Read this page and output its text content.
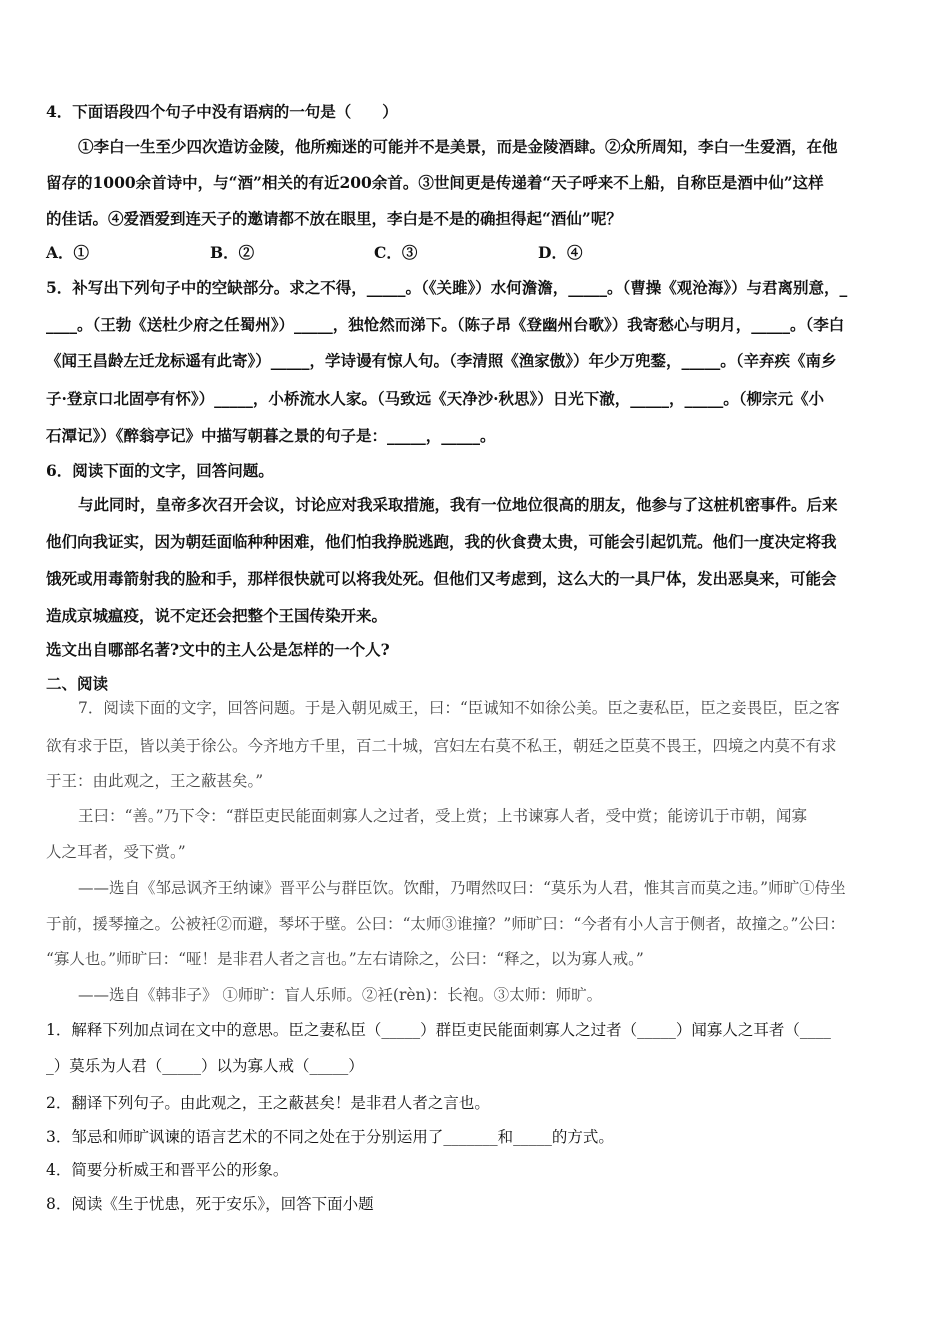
4．下面语段四个句子中没有语病的一句是（　　）
①李白一生至少四次造访金陵，他所痴迷的可能并不是美景，而是金陵酒肆。②众所周知，李白一生爱酒，在他
留存的1000余首诗中，与“酒”相关的有近200余首。③世间更是传递着“天子呼来不上船，自称臣是酒中仙”这样
的佳话。④爱酒爱到连天子的邀请都不放在眼里，李白是不是的确担得起“酒仙”呢？
A．①	B．②	C．③	D．④
5．补写出下列句子中的空缺部分。求之不得，_____。（《关雎》）水何澹澹，_____。（曹操《观沧海》）与君离别意，_
____。（王勃《送杜少府之任蜀州》）_____，独怆然而涕下。（陈子昂《登幽州台歌》）我寄愁心与明月，_____。（李白
《闻王昌龄左迁龙标遥有此寄》）_____，学诗谩有惊人句。（李清照《渔家傲》）年少万兜鍪，_____。（辛弃疾《南乡
子·登京口北固亭有怀》）_____，小桥流水人家。（马致远《天净沙·秋思》）日光下澈，_____，_____。（柳宗元《小
石潭记》）《醉翁亭记》中描写朝暮之景的句子是：_____，_____。
6．阅读下面的文字，回答问题。
与此同时，皇帝多次召开会议，讨论应对我采取措施，我有一位地位很高的朋友，他参与了这桩机密事件。后来
他们向我证实，因为朝廷面临种种困难，他们怕我挣脱逃跑，我的伙食费太贵，可能会引起饥荒。他们一度决定将我
饿死或用毒箭射我的脸和手，那样很快就可以将我处死。但他们又考虑到，这么大的一具尸体，发出恶臭来，可能会
造成京城瘟疫，说不定还会把整个王国传染开来。
选文出自哪部名著?文中的主人公是怎样的一个人?
二、阅读
7．阅读下面的文字，回答问题。于是入朝见威王，曰：“臣诚知不如徐公美。臣之妻私臣，臣之妾畏臣，臣之客
欲有求于臣，皆以美于徐公。今齐地方千里，百二十城，宫妇左右莫不私王，朝廷之臣莫不畏王，四境之内莫不有求
于王：由此观之，王之蔽甚矣。”
王曰：“善。”乃下令：“群臣吏民能面刺寡人之过者，受上赏；上书谏寡人者，受中赏；能谤讥于市朝，闻寡
人之耳者，受下赏。”
——选自《邹忌讽齐王纳谏》晋平公与群臣饮。饮酣，乃喟然叹曰：“莫乐为人君，惟其言而莫之违。”师旷①侍坐
于前，援琴撞之。公被衽②而避，琴坏于壁。公曰：“太师③谁撞？”师旷曰：“今者有小人言于侧者，故撞之。”公曰：
“寡人也。”师旷曰：“哑！是非君人者之言也。”左右请除之，公曰：“释之，以为寡人戒。”
——选自《韩非子》 ①师旷：盲人乐师。②衽(rèn)：长袍。③太师：师旷。
1．解释下列加点词在文中的意思。臣之妻私臣（_____）群臣吏民能面刺寡人之过者（_____）闻寡人之耳者（____
_）莫乐为人君（_____）以为寡人戒（_____）
2．翻译下列句子。由此观之，王之蔽甚矣！是非君人者之言也。
3．邹忌和师旷讽谏的语言艺术的不同之处在于分别运用了_______和_____的方式。
4．简要分析威王和晋平公的形象。
8．阅读《生于忧患，死于安乐》，回答下面小题
